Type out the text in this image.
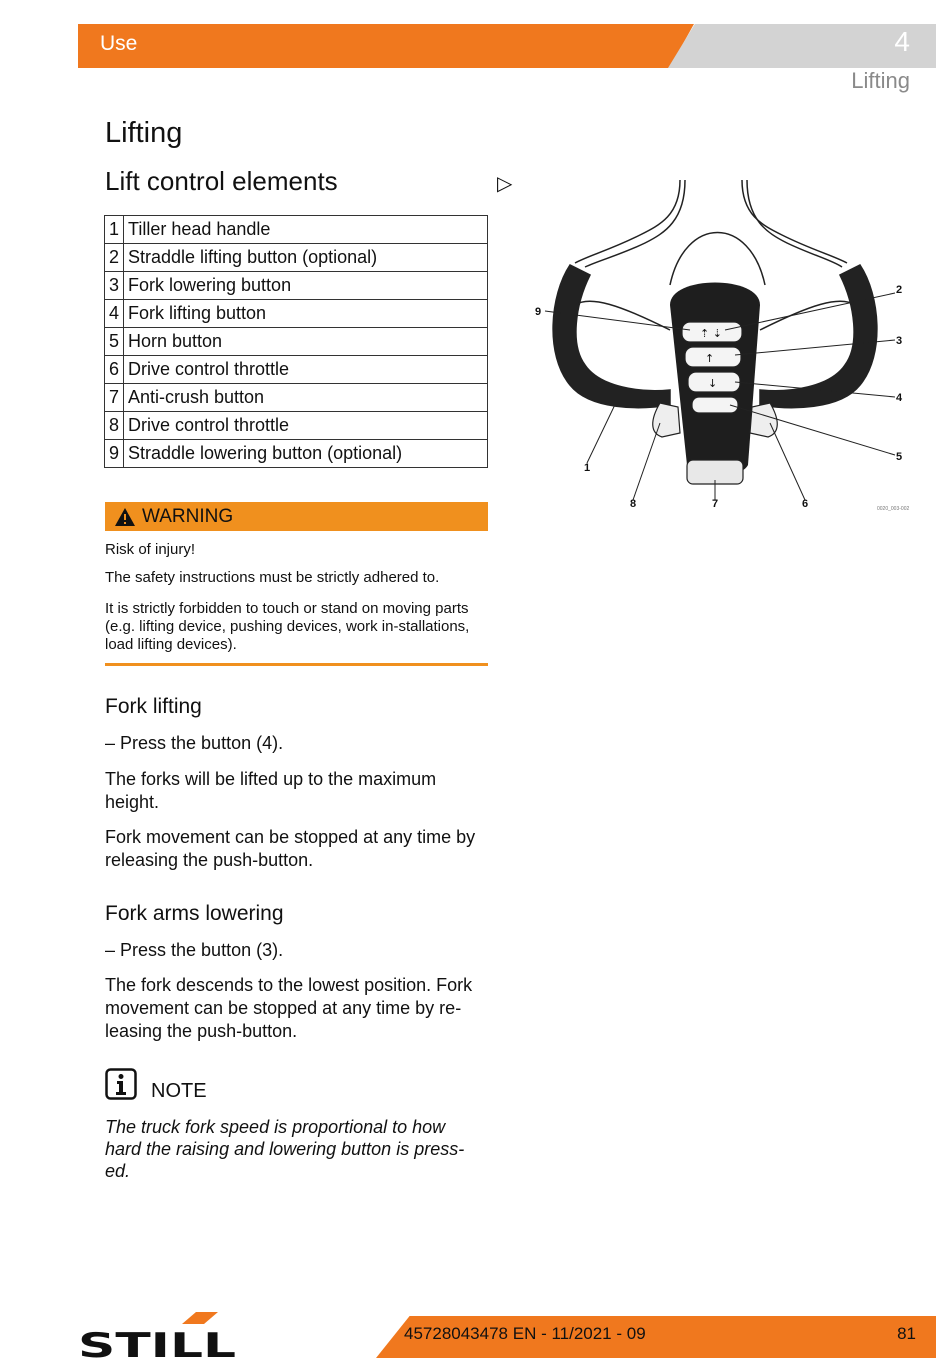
Use	4
Lifting
Lifting
Lift control elements	▷
1	Tiller head handle
2	Straddle lifting button (optional)
3	Fork lowering button
4	Fork lifting button
5	Horn button
6	Drive control throttle
7	Anti-crush button
8	Drive control throttle
9	Straddle lowering button (optional)
WARNING
Risk of injury!
The safety instructions must be strictly adhered to.
It is strictly forbidden to touch or stand on moving parts (e.g. lifting device, pushing devices, work in-stallations, load lifting devices).
Fork lifting
– Press the button (4).
The forks will be lifted up to the maximum height.
Fork movement can be stopped at any time by releasing the push-button.
Fork arms lowering
– Press the button (3).
The fork descends to the lowest position. Fork movement can be stopped at any time by re-leasing the push-button.
NOTE
The truck fork speed is proportional to how hard the raising and lowering button is press-ed.
⇡ ⇣
↑
↓
9
2
3
4
5
6
7
8
1
0020_003-002
STILL	45728043478 EN - 11/2021 - 09	81
